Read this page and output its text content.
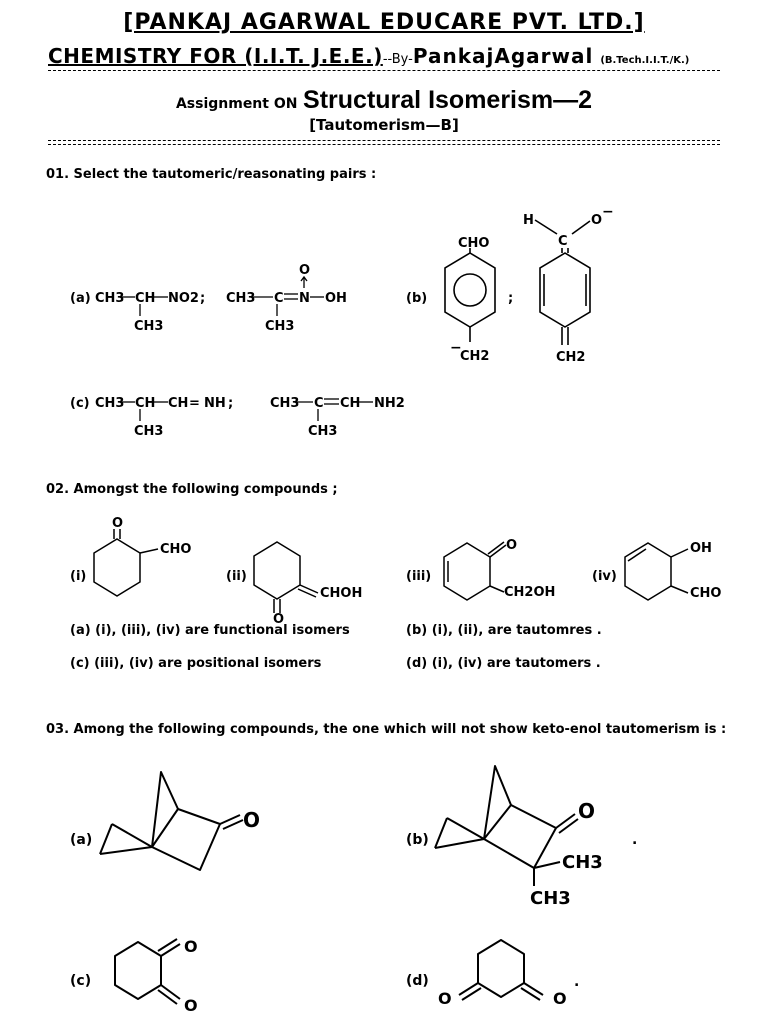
[PANKAJ AGARWAL EDUCARE PVT. LTD.]
CHEMISTRY FOR (I.I.T. J.E.E.)--By-PankajAgarwal (B.Tech.I.I.T./K.)
Assignment ON Structural Isomerism—2
[Tautomerism—B]
01. Select the tautomeric/reasonating pairs :
(a) CH3 CH NO2 ;
CH3
CH3 C N OH
O
CH3
(b)
CHO
CH2
−
;
H
C
O
−
CH2
(c) CH3 CH CH = NH ;
CH3
CH3 C CH NH2
CH3
02. Amongst the following compounds ;
(i)
O
CHO
(ii)
CHOH
O
(iii)
O
CH2OH
(iv)
OH
CHO
(a) (i), (iii), (iv) are functional isomers	(b) (i), (ii), are tautomres .
(c) (iii), (iv) are positional isomers	(d) (i), (iv) are tautomers .
03. Among the following compounds, the one which will not show keto-enol tautomerism is :
(a)
O
(b)
O
CH3
CH3
.
(c)
O
O
(d)
O	O
.
